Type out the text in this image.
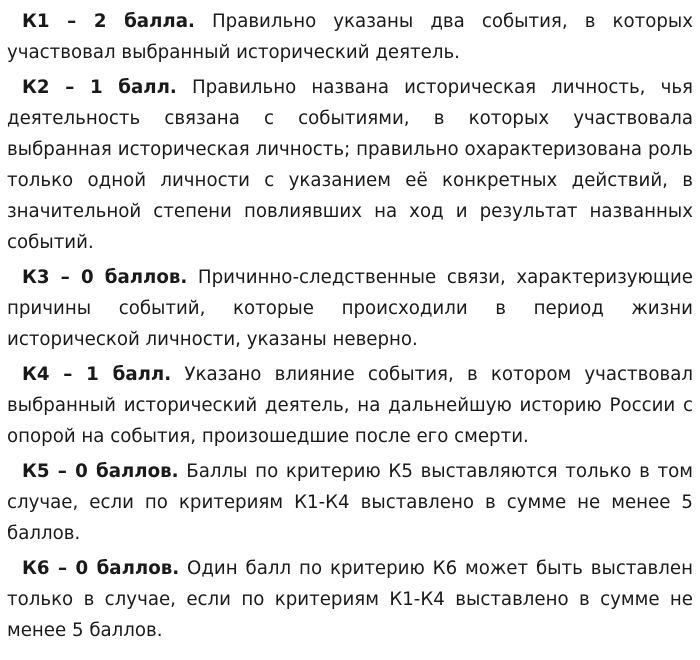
К1 – 2 балла. Правильно указаны два события, в которых участвовал выбранный исторический деятель.

К2 – 1 балл. Правильно названа историческая личность, чья деятельность связана с событиями, в которых участвовала выбранная историческая личность; правильно охарактеризована роль только одной личности с указанием её конкретных действий, в значительной степени повлиявших на ход и результат названных событий.

К3 – 0 баллов. Причинно-следственные связи, характеризующие причины событий, которые происходили в период жизни исторической личности, указаны неверно.

К4 – 1 балл. Указано влияние события, в котором участвовал выбранный исторический деятель, на дальнейшую историю России с опорой на события, произошедшие после его смерти.

К5 – 0 баллов. Баллы по критерию К5 выставляются только в том случае, если по критериям К1-К4 выставлено в сумме не менее 5 баллов.

К6 – 0 баллов. Один балл по критерию К6 может быть выставлен только в случае, если по критериям К1-К4 выставлено в сумме не менее 5 баллов.
